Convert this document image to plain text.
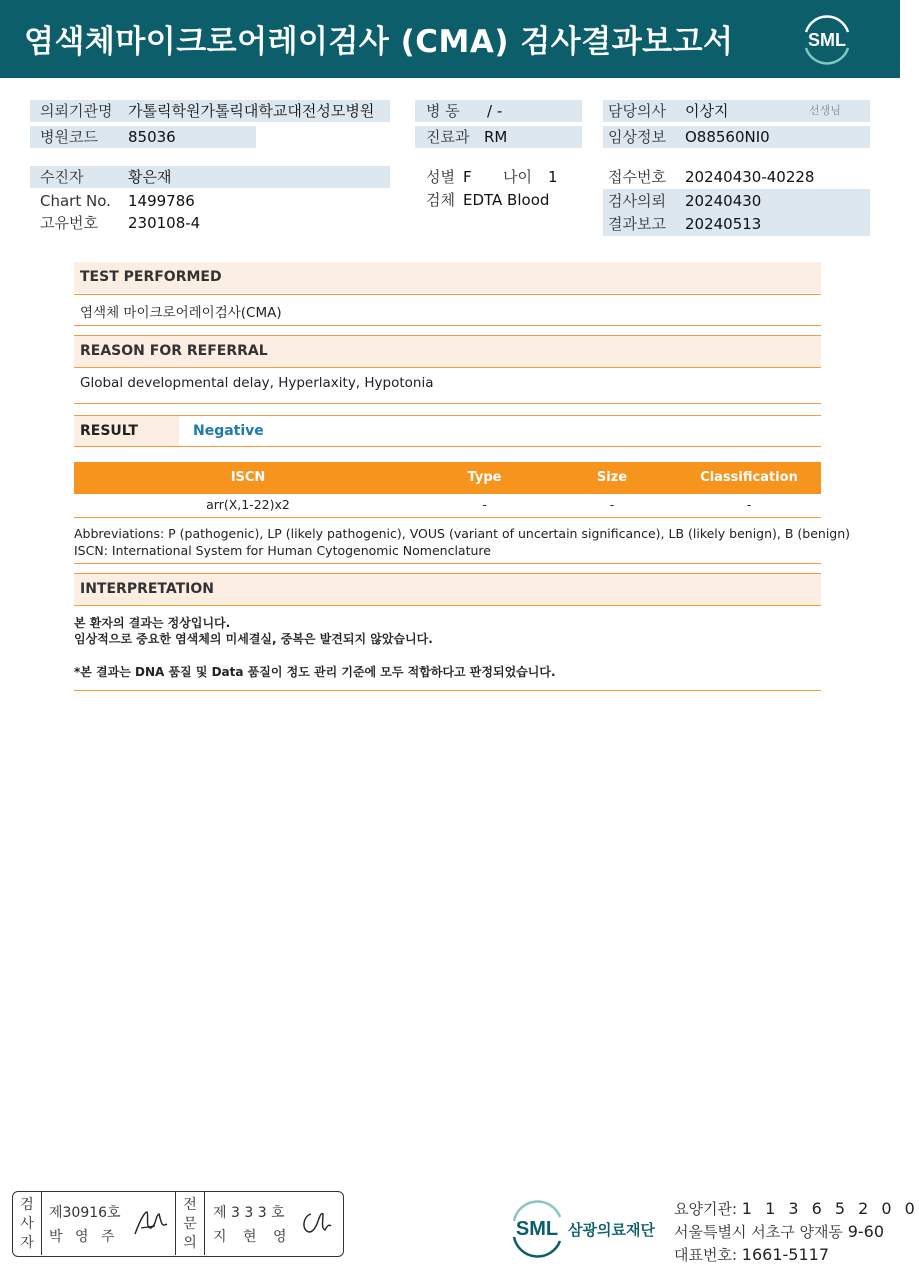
염색체마이크로어레이검사 (CMA) 검사결과보고서	SML
의뢰기관명 가톨릭학원가톨릭대학교대전성모병원
병원코드 85036
병 동 / -
진료과 RM
담당의사 이상지	선생님
임상정보 O88560NI0
수진자	황은재
Chart No. 1499786
고유번호 230108-4
성별 F 나이 1
검체 EDTA Blood
접수번호 20240430-40228
검사의뢰 20240430
결과보고 20240513
TEST PERFORMED
염색체 마이크로어레이검사(CMA)
REASON FOR REFERRAL
Global developmental delay, Hyperlaxity, Hypotonia
RESULT	Negative
ISCN	Type	Size	Classification
arr(X,1-22)x2	-	-	-
Abbreviations: P (pathogenic), LP (likely pathogenic), VOUS (variant of uncertain significance), LB (likely benign), B (benign)
ISCN: International System for Human Cytogenomic Nomenclature
INTERPRETATION
본 환자의 결과는 정상입니다.
임상적으로 중요한 염색체의 미세결실, 중복은 발견되지 않았습니다.
*본 결과는 DNA 품질 및 Data 품질이 정도 관리 기준에 모두 적합하다고 판정되었습니다.
검
사
자
제30916호
박 영 주
전
문
의
제 3 3 3 호
지 현 영	SML 삼광의료재단
요양기관: 1 1 3 6 5 2 0 0
서울특별시 서초구 양재동 9-60
대표번호: 1661-5117
